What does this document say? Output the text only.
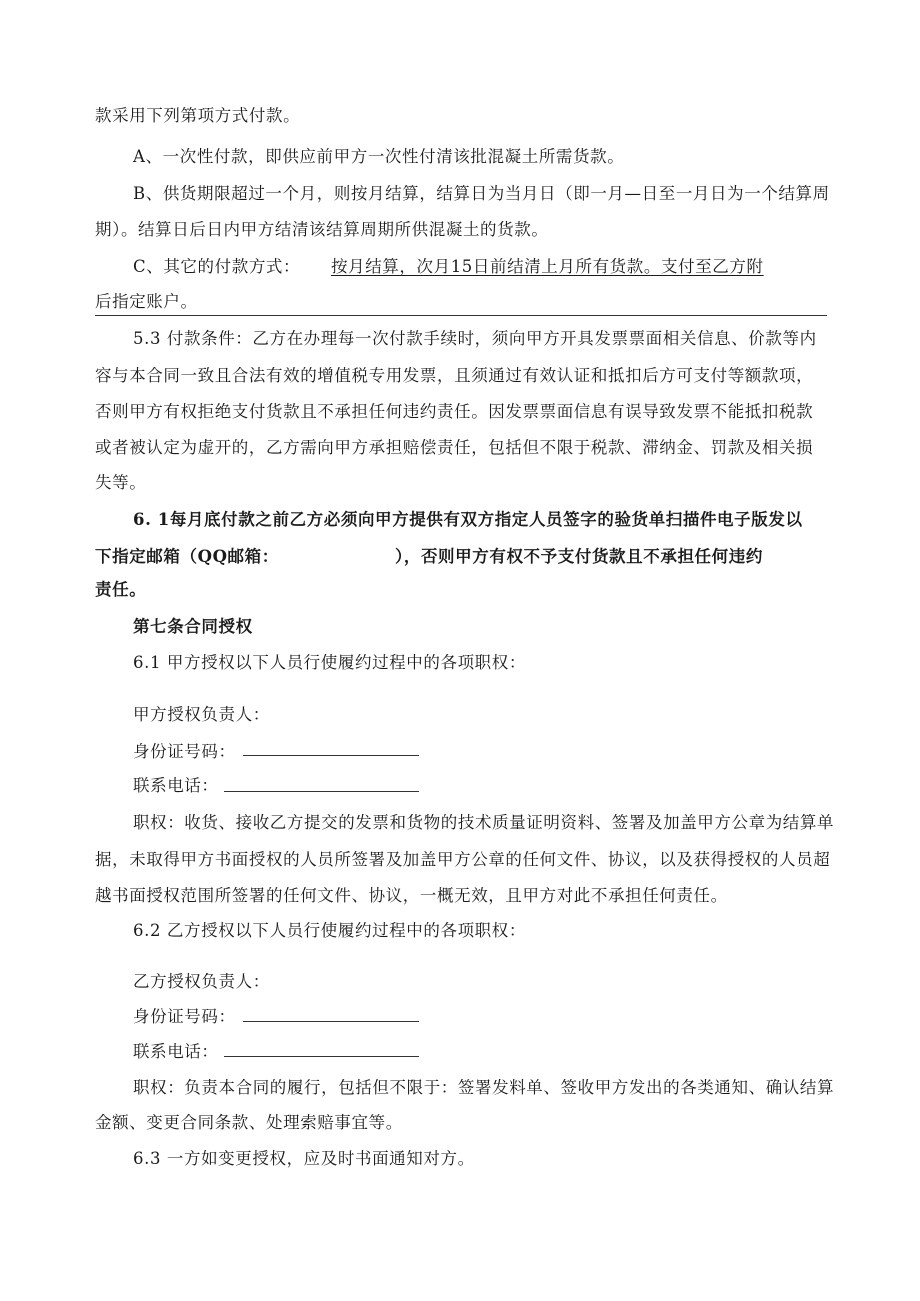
款采用下列第项方式付款。
A、一次性付款，即供应前甲方一次性付清该批混凝土所需货款。
B、供货期限超过一个月，则按月结算，结算日为当月日（即一月—日至一月日为一个结算周
期）。结算日后日内甲方结清该结算周期所供混凝土的货款。
C、其它的付款方式： 按月结算，次月15日前结清上月所有货款。支付至乙方附
后指定账户。
5.3 付款条件：乙方在办理每一次付款手续时，须向甲方开具发票票面相关信息、价款等内
容与本合同一致且合法有效的增值税专用发票，且须通过有效认证和抵扣后方可支付等额款项，
否则甲方有权拒绝支付货款且不承担任何违约责任。因发票票面信息有误导致发票不能抵扣税款
或者被认定为虚开的，乙方需向甲方承担赔偿责任，包括但不限于税款、滞纳金、罚款及相关损
失等。
6. 1每月底付款之前乙方必须向甲方提供有双方指定人员签字的验货单扫描件电子版发以
下指定邮箱（QQ邮箱：	），否则甲方有权不予支付货款且不承担任何违约
责任。
第七条合同授权
6.1 甲方授权以下人员行使履约过程中的各项职权：
甲方授权负责人：
身份证号码：
联系电话：
职权：收货、接收乙方提交的发票和货物的技术质量证明资料、签署及加盖甲方公章为结算单
据，未取得甲方书面授权的人员所签署及加盖甲方公章的任何文件、协议，以及获得授权的人员超
越书面授权范围所签署的任何文件、协议，一概无效，且甲方对此不承担任何责任。
6.2 乙方授权以下人员行使履约过程中的各项职权：
乙方授权负责人：
身份证号码：
联系电话：
职权：负责本合同的履行，包括但不限于：签署发料单、签收甲方发出的各类通知、确认结算
金额、变更合同条款、处理索赔事宜等。
6.3 一方如变更授权，应及时书面通知对方。
